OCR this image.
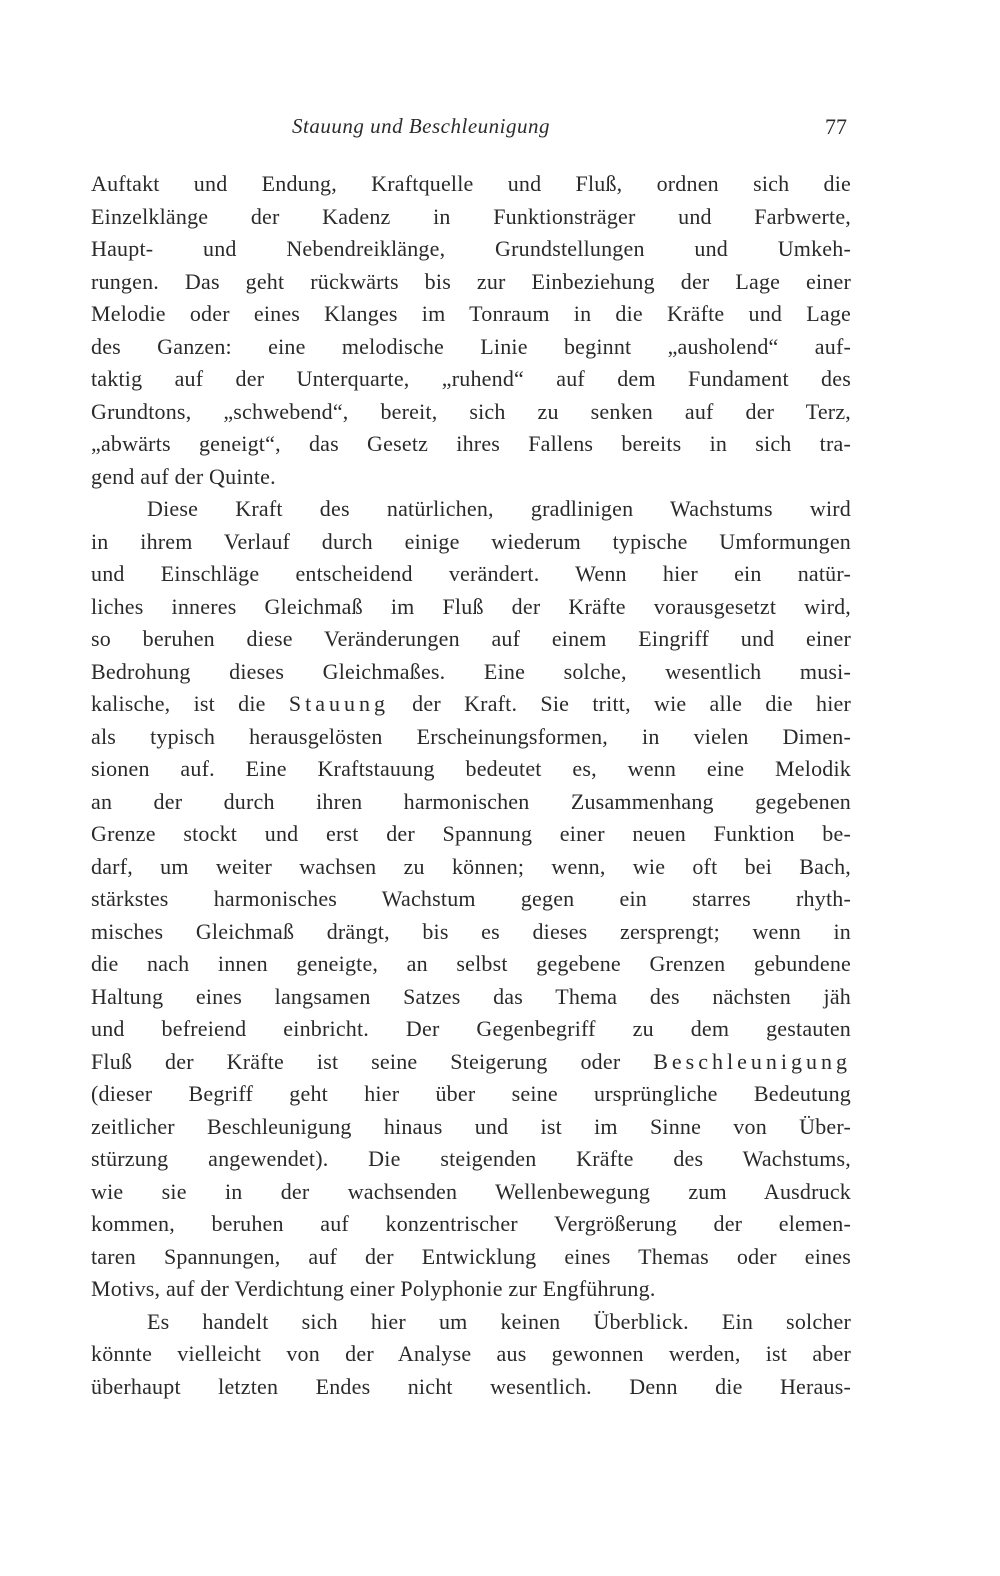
Stauung und Beschleunigung	77
Auftakt und Endung, Kraftquelle und Fluß, ordnen sich die
Einzelklänge der Kadenz in Funktionsträger und Farbwerte,
Haupt- und Nebendreiklänge, Grundstellungen und Umkeh-
rungen. Das geht rückwärts bis zur Einbeziehung der Lage einer
Melodie oder eines Klanges im Tonraum in die Kräfte und Lage
des Ganzen: eine melodische Linie beginnt „ausholend“ auf-
taktig auf der Unterquarte, „ruhend“ auf dem Fundament des
Grundtons, „schwebend“, bereit, sich zu senken auf der Terz,
„abwärts geneigt“, das Gesetz ihres Fallens bereits in sich tra-
gend auf der Quinte.
Diese Kraft des natürlichen, gradlinigen Wachstums wird
in ihrem Verlauf durch einige wiederum typische Umformungen
und Einschläge entscheidend verändert. Wenn hier ein natür-
liches inneres Gleichmaß im Fluß der Kräfte vorausgesetzt wird,
so beruhen diese Veränderungen auf einem Eingriff und einer
Bedrohung dieses Gleichmaßes. Eine solche, wesentlich musi-
kalische, ist die Stauung der Kraft. Sie tritt, wie alle die hier
als typisch herausgelösten Erscheinungsformen, in vielen Dimen-
sionen auf. Eine Kraftstauung bedeutet es, wenn eine Melodik
an der durch ihren harmonischen Zusammenhang gegebenen
Grenze stockt und erst der Spannung einer neuen Funktion be-
darf, um weiter wachsen zu können; wenn, wie oft bei Bach,
stärkstes harmonisches Wachstum gegen ein starres rhyth-
misches Gleichmaß drängt, bis es dieses zersprengt; wenn in
die nach innen geneigte, an selbst gegebene Grenzen gebundene
Haltung eines langsamen Satzes das Thema des nächsten jäh
und befreiend einbricht. Der Gegenbegriff zu dem gestauten
Fluß der Kräfte ist seine Steigerung oder Beschleunigung
(dieser Begriff geht hier über seine ursprüngliche Bedeutung
zeitlicher Beschleunigung hinaus und ist im Sinne von Über-
stürzung angewendet). Die steigenden Kräfte des Wachstums,
wie sie in der wachsenden Wellenbewegung zum Ausdruck
kommen, beruhen auf konzentrischer Vergrößerung der elemen-
taren Spannungen, auf der Entwicklung eines Themas oder eines
Motivs, auf der Verdichtung einer Polyphonie zur Engführung.
Es handelt sich hier um keinen Überblick. Ein solcher
könnte vielleicht von der Analyse aus gewonnen werden, ist aber
überhaupt letzten Endes nicht wesentlich. Denn die Heraus-
